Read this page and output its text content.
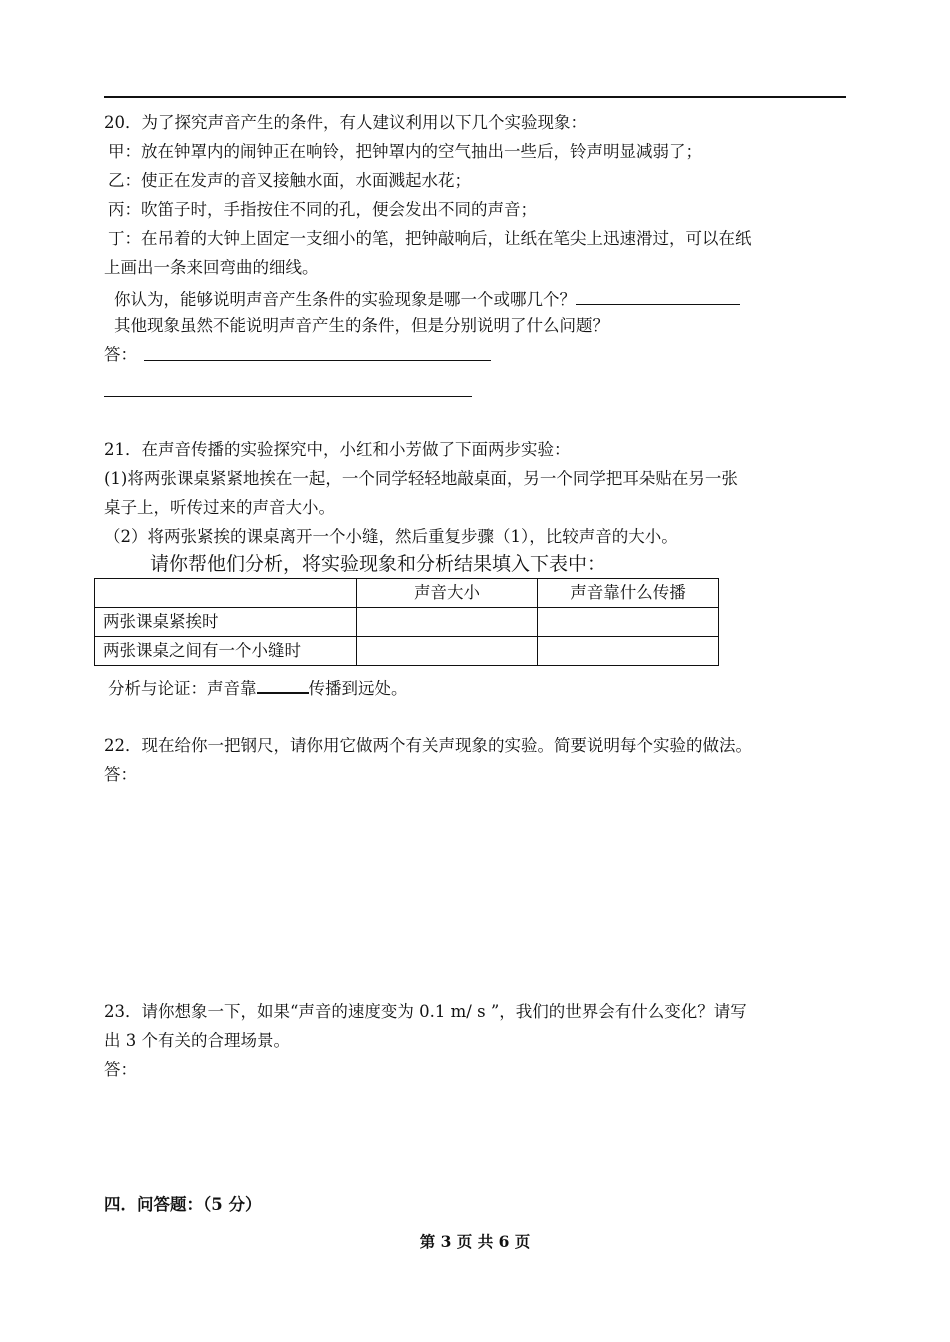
20．为了探究声音产生的条件，有人建议利用以下几个实验现象：
甲：放在钟罩内的闹钟正在响铃，把钟罩内的空气抽出一些后，铃声明显减弱了；
乙：使正在发声的音叉接触水面，水面溅起水花；
丙：吹笛子时，手指按住不同的孔，便会发出不同的声音；
丁：在吊着的大钟上固定一支细小的笔，把钟敲响后，让纸在笔尖上迅速滑过，可以在纸
上画出一条来回弯曲的细线。
你认为，能够说明声音产生条件的实验现象是哪一个或哪几个？
其他现象虽然不能说明声音产生的条件，但是分别说明了什么问题？
答：
21．在声音传播的实验探究中，小红和小芳做了下面两步实验：
(1)将两张课桌紧紧地挨在一起，一个同学轻轻地敲桌面，另一个同学把耳朵贴在另一张
桌子上，听传过来的声音大小。
（2）将两张紧挨的课桌离开一个小缝，然后重复步骤（1），比较声音的大小。
请你帮他们分析，将实验现象和分析结果填入下表中：
	声音大小	声音靠什么传播
两张课桌紧挨时		
两张课桌之间有一个小缝时		
分析与论证：声音靠	传播到远处。
22．现在给你一把钢尺，请你用它做两个有关声现象的实验。简要说明每个实验的做法。
答：
23．请你想象一下，如果“声音的速度变为 0.1 m/ s ”，我们的世界会有什么变化？请写
出 3 个有关的合理场景。
答：
四．问答题：（5 分）
第 3 页 共 6 页
